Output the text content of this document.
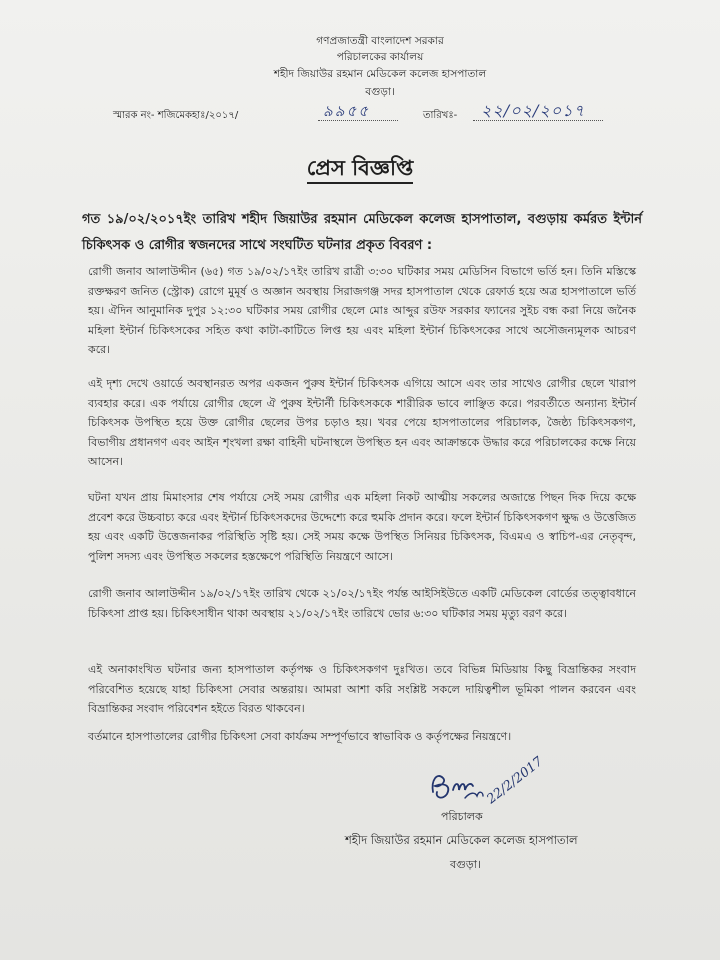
গণপ্রজাতন্ত্রী বাংলাদেশ সরকার
পরিচালকের কার্যালয়
শহীদ জিয়াউর রহমান মেডিকেল কলেজ হাসপাতাল
বগুড়া।
স্মারক নং- শজিমেকহাঃ/২০১৭/	৯৯৫৫	তারিখঃ- ২২/০২/২০১৭
প্রেস বিজ্ঞপ্তি
গত ১৯/০২/২০১৭ইং তারিখ শহীদ জিয়াউর রহমান মেডিকেল কলেজ হাসপাতাল, বগুড়ায় কর্মরত ইন্টার্ন চিকিৎসক ও রোগীর স্বজনদের সাথে সংঘটিত ঘটনার প্রকৃত বিবরণ :
রোগী জনাব আলাউদ্দীন (৬৫) গত ১৯/০২/১৭ইং তারিখ রাত্রী ৩:৩০ ঘটিকার সময় মেডিসিন বিভাগে ভর্তি হন। তিনি মস্তিস্কে রক্তক্ষরণ জনিত (স্ট্রোক) রোগে মুমূর্ষ ও অজ্ঞান অবস্থায় সিরাজগঞ্জ সদর হাসপাতাল থেকে রেফার্ড হয়ে অত্র হাসপাতালে ভর্তি হয়। ঐদিন আনুমানিক দুপুর ১২:৩০ ঘটিকার সময় রোগীর ছেলে মোঃ আব্দুর রউফ সরকার ফ্যানের সুইচ বন্ধ করা নিয়ে জনৈক মহিলা ইন্টার্ন চিকিৎসকের সহিত কথা কাটা-কাটিতে লিপ্ত হয় এবং মহিলা ইন্টার্ন চিকিৎসকের সাথে অসৌজন্যমূলক আচরণ করে।
এই দৃশ্য দেখে ওয়ার্ডে অবস্থানরত অপর একজন পুরুষ ইন্টার্ন চিকিৎসক এগিয়ে আসে এবং তার সাথেও রোগীর ছেলে খারাপ ব্যবহার করে। এক পর্যায়ে রোগীর ছেলে ঐ পুরুষ ইন্টার্নী চিকিৎসককে শারীরিক ভাবে লাঞ্ছিত করে। পরবর্তীতে অন্যান্য ইন্টার্ন চিকিৎসক উপস্থিত হয়ে উক্ত রোগীর ছেলের উপর চড়াও হয়। খবর পেয়ে হাসপাতালের পরিচালক, জৈষ্ঠ্য চিকিৎসকগণ, বিভাগীয় প্রধানগণ এবং আইন শৃংখলা রক্ষা বাহিনী ঘটনাস্থলে উপস্থিত হন এবং আক্রান্তকে উদ্ধার করে পরিচালকের কক্ষে নিয়ে আসেন।
ঘটনা যখন প্রায় মিমাংসার শেষ পর্যায়ে সেই সময় রোগীর এক মহিলা নিকট আত্মীয় সকলের অজান্তে পিছন দিক দিয়ে কক্ষে প্রবেশ করে উচ্চবাচ্য করে এবং ইন্টার্ন চিকিৎসকদের উদ্দেশ্যে করে হুমকি প্রদান করে। ফলে ইন্টার্ন চিকিৎসকগণ ক্ষুদ্ধ ও উত্তেজিত হয় এবং একটি উত্তেজনাকর পরিস্থিতি সৃষ্টি হয়। সেই সময় কক্ষে উপস্থিত সিনিয়র চিকিৎসক, বিএমএ ও স্বাচিপ-এর নেতৃবৃন্দ, পুলিশ সদস্য এবং উপস্থিত সকলের হস্তক্ষেপে পরিস্থিতি নিয়ন্ত্রণে আসে।
রোগী জনাব আলাউদ্দীন ১৯/০২/১৭ইং তারিখ থেকে ২১/০২/১৭ইং পর্যন্ত আইসিইউতে একটি মেডিকেল বোর্ডের তত্ত্বাবধানে চিকিৎসা প্রাপ্ত হয়। চিকিৎসাধীন থাকা অবস্থায় ২১/০২/১৭ইং তারিখে ভোর ৬:৩০ ঘটিকার সময় মৃত্যু বরণ করে।
এই অনাকাংখিত ঘটনার জন্য হাসপাতাল কর্তৃপক্ষ ও চিকিৎসকগণ দুঃখিত। তবে বিভিন্ন মিডিয়ায় কিছু বিভ্রান্তিকর সংবাদ পরিবেশিত হয়েছে যাহা চিকিৎসা সেবার অন্তরায়। আমরা আশা করি সংশ্লিষ্ট সকলে দায়িত্বশীল ভূমিকা পালন করবেন এবং বিভ্রান্তিকর সংবাদ পরিবেশন হইতে বিরত থাকবেন।
বর্তমানে হাসপাতালের রোগীর চিকিৎসা সেবা কার্যক্রম সম্পূর্ণভাবে স্বাভাবিক ও কর্তৃপক্ষের নিয়ন্ত্রণে।
22/2/2017
পরিচালক
শহীদ জিয়াউর রহমান মেডিকেল কলেজ হাসপাতাল
বগুড়া।
